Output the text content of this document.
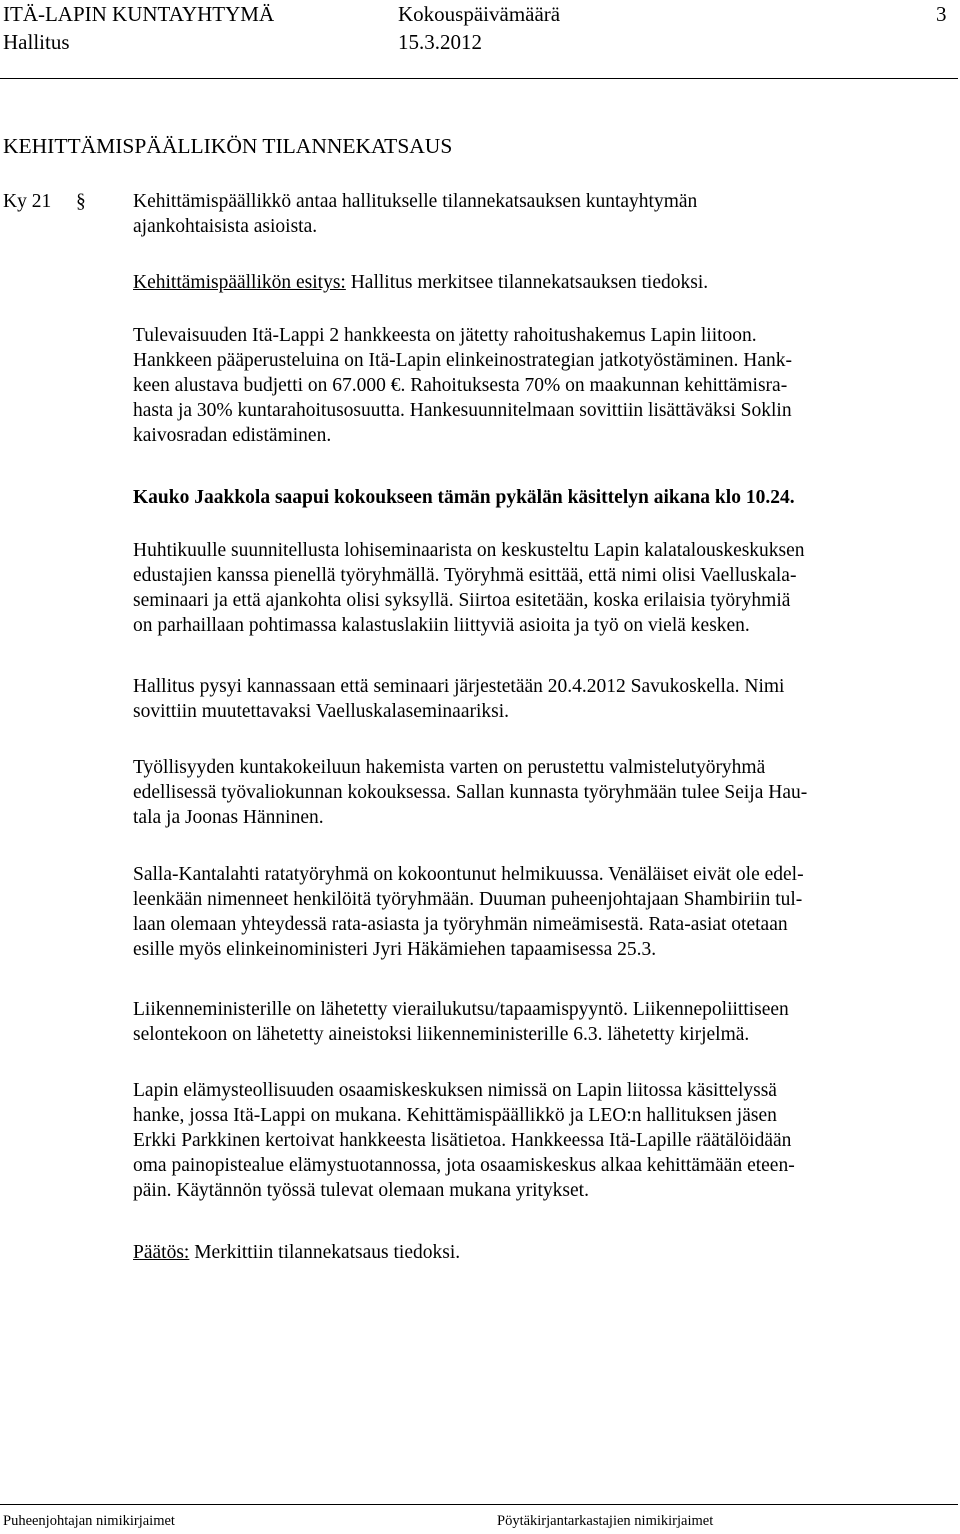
ITÄ-LAPIN KUNTAYHTYMÄ	Kokouspäivämäärä	3
Hallitus	15.3.2012
KEHITTÄMISPÄÄLLIKÖN TILANNEKATSAUS
Ky 21 § Kehittämispäällikkö antaa hallitukselle tilannekatsauksen kuntayhtymän
ajankohtaisista asioista.
Kehittämispäällikön esitys: Hallitus merkitsee tilannekatsauksen tiedoksi.
Tulevaisuuden Itä-Lappi 2 hankkeesta on jätetty rahoitushakemus Lapin liitoon.
Hankkeen pääperusteluina on Itä-Lapin elinkeinostrategian jatkotyöstäminen. Hank-
keen alustava budjetti on 67.000 €. Rahoituksesta 70% on maakunnan kehittämisra-
hasta ja 30% kuntarahoitusosuutta. Hankesuunnitelmaan sovittiin lisättäväksi Soklin
kaivosradan edistäminen.
Kauko Jaakkola saapui kokoukseen tämän pykälän käsittelyn aikana klo 10.24.
Huhtikuulle suunnitellusta lohiseminaarista on keskusteltu Lapin kalatalouskeskuksen
edustajien kanssa pienellä työryhmällä. Työryhmä esittää, että nimi olisi Vaelluskala-
seminaari ja että ajankohta olisi syksyllä. Siirtoa esitetään, koska erilaisia työryhmiä
on parhaillaan pohtimassa kalastuslakiin liittyviä asioita ja työ on vielä kesken.
Hallitus pysyi kannassaan että seminaari järjestetään 20.4.2012 Savukoskella. Nimi
sovittiin muutettavaksi Vaelluskalaseminaariksi.
Työllisyyden kuntakokeiluun hakemista varten on perustettu valmistelutyöryhmä
edellisessä työvaliokunnan kokouksessa. Sallan kunnasta työryhmään tulee Seija Hau-
tala ja Joonas Hänninen.
Salla-Kantalahti ratatyöryhmä on kokoontunut helmikuussa. Venäläiset eivät ole edel-
leenkään nimenneet henkilöitä työryhmään. Duuman puheenjohtajaan Shambiriin tul-
laan olemaan yhteydessä rata-asiasta ja työryhmän nimeämisestä. Rata-asiat otetaan
esille myös elinkeinoministeri Jyri Häkämiehen tapaamisessa 25.3.
Liikenneministerille on lähetetty vierailukutsu/tapaamispyyntö. Liikennepoliittiseen
selontekoon on lähetetty aineistoksi liikenneministerille 6.3. lähetetty kirjelmä.
Lapin elämysteollisuuden osaamiskeskuksen nimissä on Lapin liitossa käsittelyssä
hanke, jossa Itä-Lappi on mukana. Kehittämispäällikkö ja LEO:n hallituksen jäsen
Erkki Parkkinen kertoivat hankkeesta lisätietoa. Hankkeessa Itä-Lapille räätälöidään
oma painopistealue elämystuotannossa, jota osaamiskeskus alkaa kehittämään eteen-
päin. Käytännön työssä tulevat olemaan mukana yritykset.
Päätös: Merkittiin tilannekatsaus tiedoksi.
Puheenjohtajan nimikirjaimet	Pöytäkirjantarkastajien nimikirjaimet
